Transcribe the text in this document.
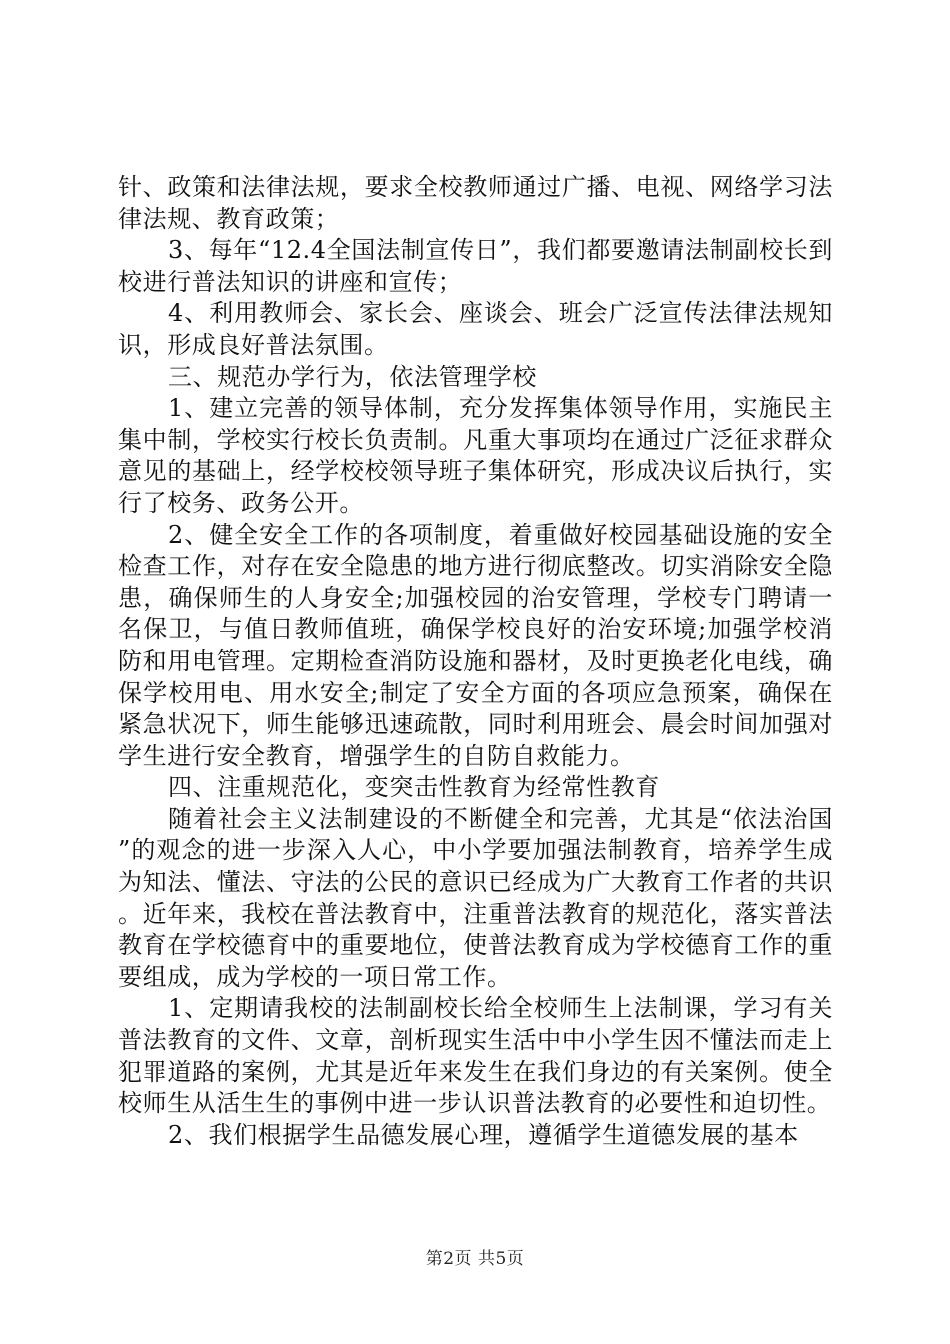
针、政策和法律法规，要求全校教师通过广播、电视、网络学习法律法规、教育政策；

3、每年“12.4全国法制宣传日”，我们都要邀请法制副校长到校进行普法知识的讲座和宣传；

4、利用教师会、家长会、座谈会、班会广泛宣传法律法规知识，形成良好普法氛围。

三、规范办学行为，依法管理学校

1、建立完善的领导体制，充分发挥集体领导作用，实施民主集中制，学校实行校长负责制。凡重大事项均在通过广泛征求群众意见的基础上，经学校校领导班子集体研究，形成决议后执行，实行了校务、政务公开。

2、健全安全工作的各项制度，着重做好校园基础设施的安全检查工作，对存在安全隐患的地方进行彻底整改。切实消除安全隐患，确保师生的人身安全;加强校园的治安管理，学校专门聘请一名保卫，与值日教师值班，确保学校良好的治安环境;加强学校消防和用电管理。定期检查消防设施和器材，及时更换老化电线，确保学校用电、用水安全;制定了安全方面的各项应急预案，确保在紧急状况下，师生能够迅速疏散，同时利用班会、晨会时间加强对学生进行安全教育，增强学生的自防自救能力。

四、注重规范化，变突击性教育为经常性教育

随着社会主义法制建设的不断健全和完善，尤其是“依法治国”的观念的进一步深入人心，中小学要加强法制教育，培养学生成为知法、懂法、守法的公民的意识已经成为广大教育工作者的共识。近年来，我校在普法教育中，注重普法教育的规范化，落实普法教育在学校德育中的重要地位，使普法教育成为学校德育工作的重要组成，成为学校的一项日常工作。

1、定期请我校的法制副校长给全校师生上法制课，学习有关普法教育的文件、文章，剖析现实生活中中小学生因不懂法而走上犯罪道路的案例，尤其是近年来发生在我们身边的有关案例。使全校师生从活生生的事例中进一步认识普法教育的必要性和迫切性。

2、我们根据学生品德发展心理，遵循学生道德发展的基本

第2页 共5页
